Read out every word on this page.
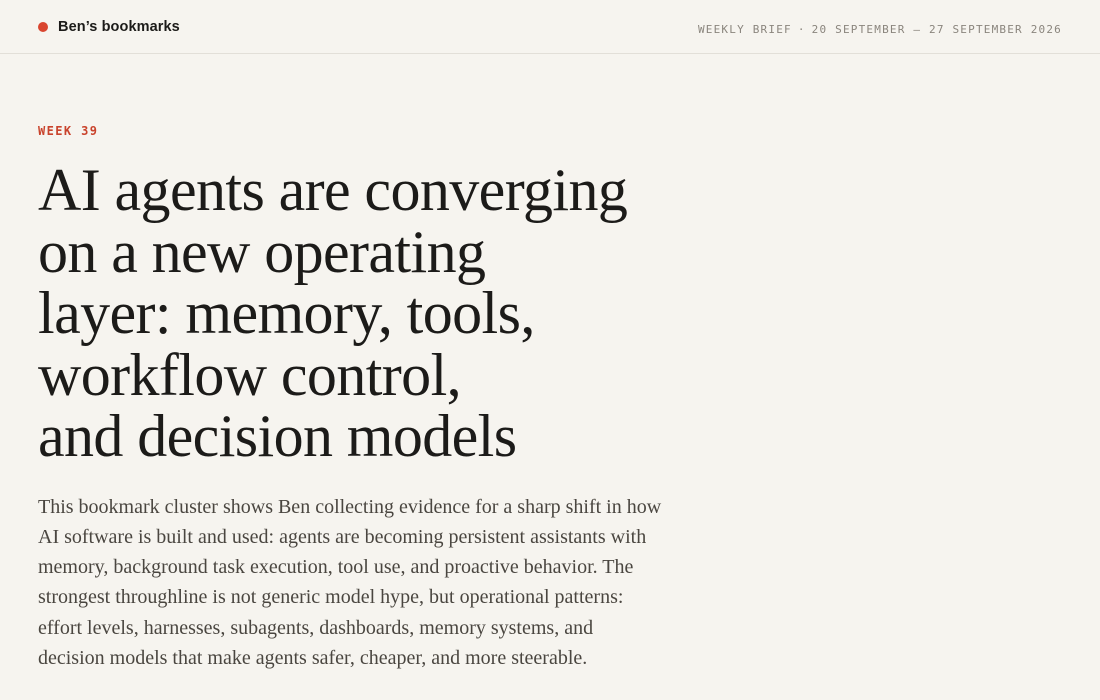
Ben’s bookmarks	WEEKLY BRIEF · 20 SEPTEMBER — 27 SEPTEMBER 2026

WEEK 39

AI agents are converging
on a new operating
layer: memory, tools,
workflow control,
and decision models

This bookmark cluster shows Ben collecting evidence for a sharp shift in how
AI software is built and used: agents are becoming persistent assistants with
memory, background task execution, tool use, and proactive behavior. The
strongest throughline is not generic model hype, but operational patterns:
effort levels, harnesses, subagents, dashboards, memory systems, and
decision models that make agents safer, cheaper, and more steerable.
